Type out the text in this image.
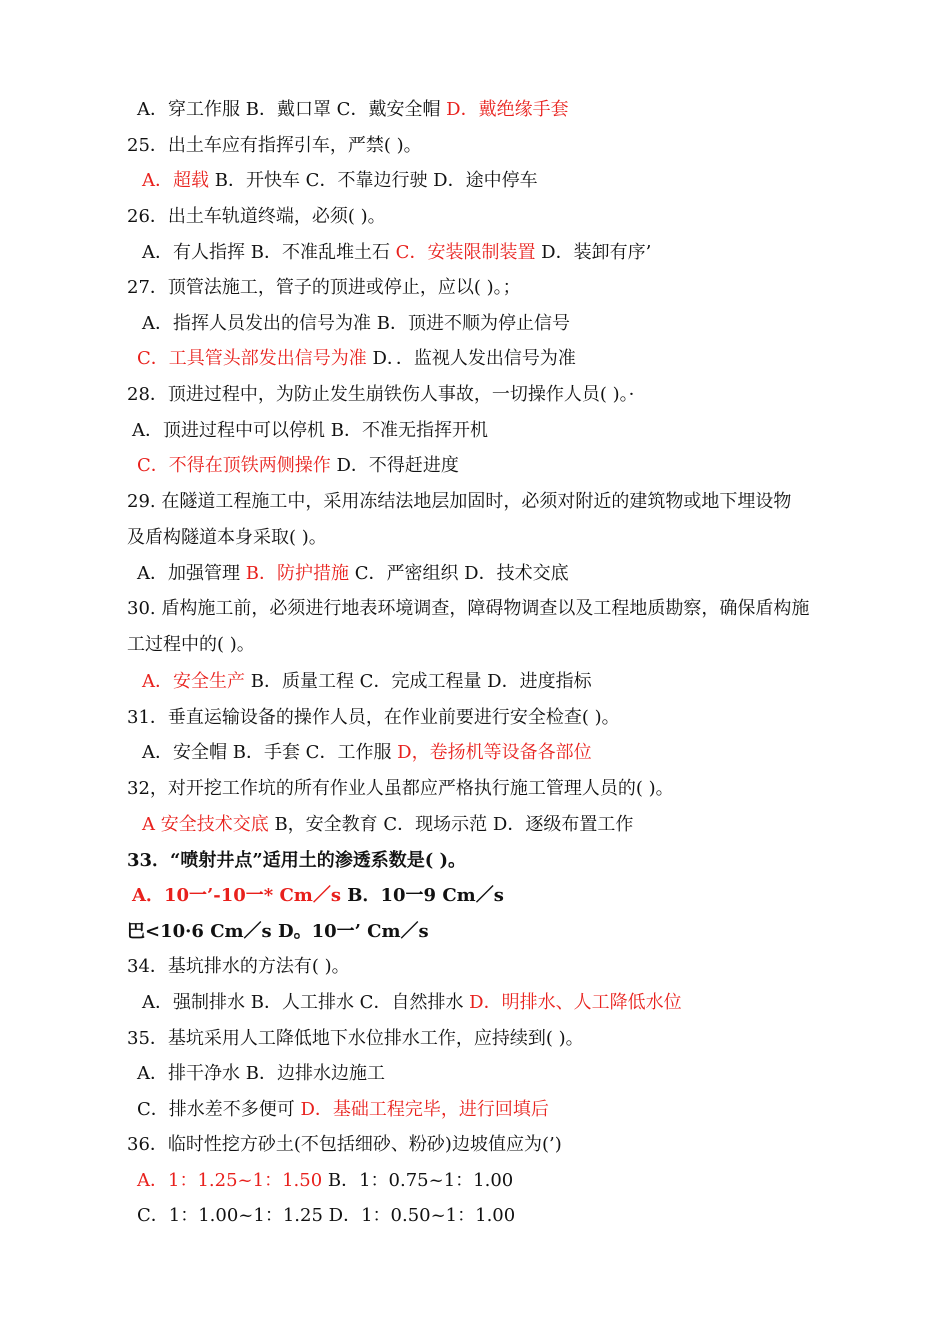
A．穿工作服 B．戴口罩 C．戴安全帽 D．戴绝缘手套
25．出土车应有指挥引车，严禁( )。
A．超载 B．开快车 C．不靠边行驶 D．途中停车
26．出土车轨道终端，必须( )。
A．有人指挥 B．不准乱堆土石 C．安装限制装置 D．装卸有序’
27．顶管法施工，管子的顶进或停止，应以( )。；
A．指挥人员发出的信号为准 B．顶进不顺为停止信号
C．工具管头部发出信号为准 D．．监视人发出信号为准
28．顶进过程中，为防止发生崩铁伤人事故，一切操作人员( )。·
A．顶进过程中可以停机 B．不准无指挥开机
C．不得在顶铁两侧操作 D．不得赶进度
29. 在隧道工程施工中，采用冻结法地层加固时，必须对附近的建筑物或地下埋设物
及盾构隧道本身采取( )。
A．加强管理 B．防护措施 C．严密组织 D．技术交底
30. 盾构施工前，必须进行地表环境调查，障碍物调查以及工程地质勘察，确保盾构施
工过程中的( )。
A．安全生产 B．质量工程 C．完成工程量 D．进度指标
31．垂直运输设备的操作人员，在作业前要进行安全检查( )。
A．安全帽 B．手套 C．工作服 D，卷扬机等设备各部位
32，对开挖工作坑的所有作业人虽都应严格执行施工管理人员的( )。
A 安全技术交底 B，安全教育 C．现场示范 D．逐级布置工作
33．“喷射井点”适用土的渗透系数是( )。
A．10一’-10一* Cm／s B．10一9 Cm／s
巴<10·6 Cm／s D。10一’ Cm／s
34．基坑排水的方法有( )。
A．强制排水 B．人工排水 C．自然排水 D．明排水、人工降低水位
35．基坑采用人工降低地下水位排水工作，应持续到( )。
A．排干净水 B．边排水边施工
C．排水差不多便可 D．基础工程完毕，进行回填后
36．临时性挖方砂土(不包括细砂、粉砂)边坡值应为(’)
A．1：1.25~1：1.50 B．1：0.75~1：1.00
C．1：1.00~1：1.25 D．1：0.50~1：1.00
